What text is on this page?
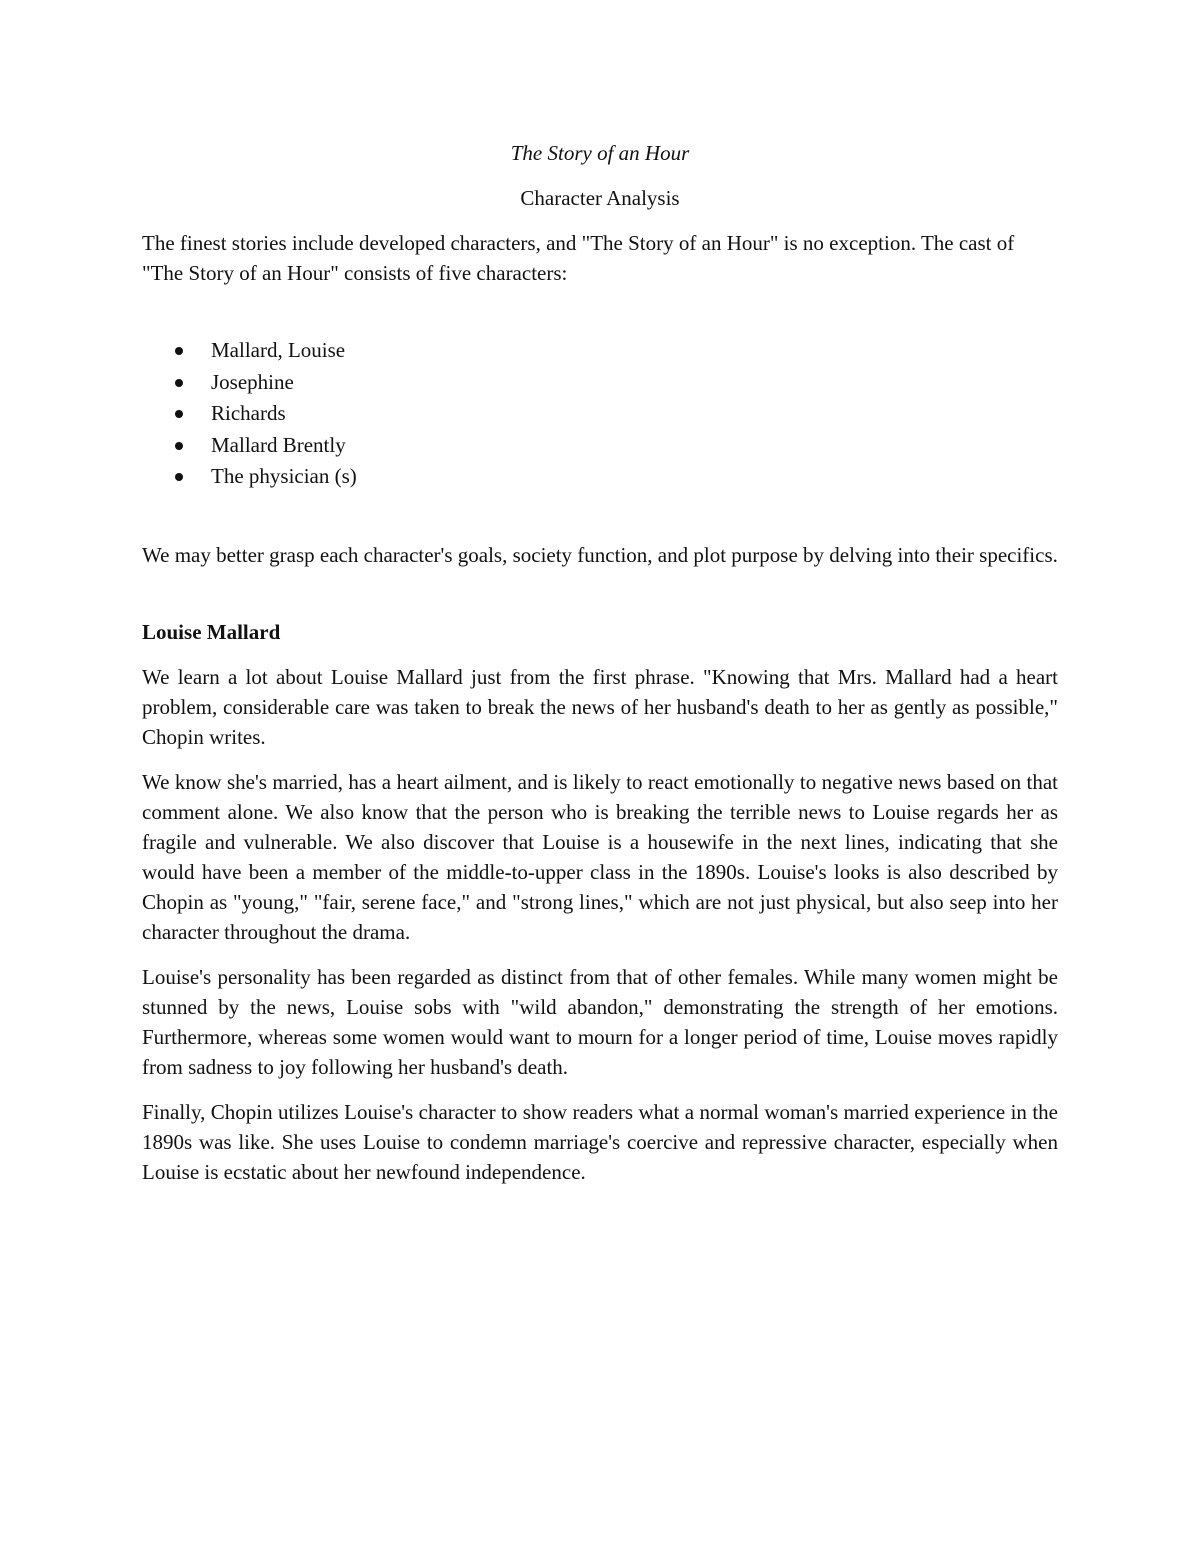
The Story of an Hour

Character Analysis

The finest stories include developed characters, and "The Story of an Hour" is no exception. The cast of "The Story of an Hour" consists of five characters:

Mallard, Louise
Josephine
Richards
Mallard Brently
The physician (s)

We may better grasp each character's goals, society function, and plot purpose by delving into their specifics.

Louise Mallard

We learn a lot about Louise Mallard just from the first phrase. "Knowing that Mrs. Mallard had a heart problem, considerable care was taken to break the news of her husband's death to her as gently as possible," Chopin writes.

We know she's married, has a heart ailment, and is likely to react emotionally to negative news based on that comment alone. We also know that the person who is breaking the terrible news to Louise regards her as fragile and vulnerable. We also discover that Louise is a housewife in the next lines, indicating that she would have been a member of the middle-to-upper class in the 1890s. Louise's looks is also described by Chopin as "young," "fair, serene face," and "strong lines," which are not just physical, but also seep into her character throughout the drama.

Louise's personality has been regarded as distinct from that of other females. While many women might be stunned by the news, Louise sobs with "wild abandon," demonstrating the strength of her emotions. Furthermore, whereas some women would want to mourn for a longer period of time, Louise moves rapidly from sadness to joy following her husband's death.

Finally, Chopin utilizes Louise's character to show readers what a normal woman's married experience in the 1890s was like. She uses Louise to condemn marriage's coercive and repressive character, especially when Louise is ecstatic about her newfound independence.
